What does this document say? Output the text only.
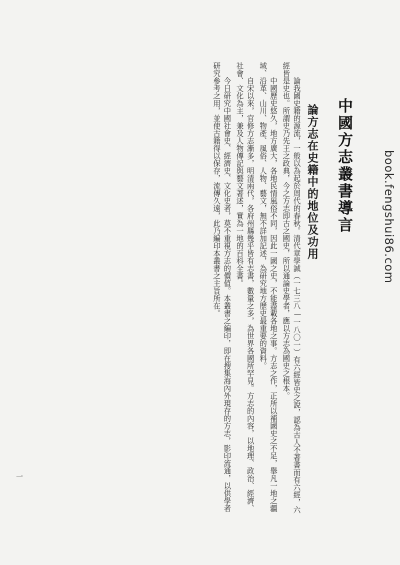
中國方志叢書導言
論方志在史籍中的地位及功用

論我國史籍的源流，一般以為起於周代的春秋。清代章學誠（一七三八—一八〇一）有六經皆史之說，認為古人不著書而有六經，六經皆是史也。所謂史乃先王之政典，今之方志即古之國史，所以通論史學者，應以方志為國史之根本。

中國歷史悠久，地方廣大，各地民情風俗不同，因此一國之史，不能盡載各地之事。方志之作，正所以補國史之不足，舉凡一地之疆域、沿革、山川、物產、風俗、人物、藝文，無不詳加記述，為研究地方歷史最重要的資料。

自宋以來，官修方志漸多，明清兩代，各府州縣幾乎皆有志書，數量之多，為世界各國所罕見。方志的內容，以地理、政治、經濟、社會、文化為主，兼及人物傳記與藝文著述，實為一地的百科全書。

今日研究中國社會史、經濟史、文化史者，莫不重視方志的價值。本叢書之編印，即在搜集海內外現存的方志，影印流通，以供學者研究參考之用，並使古籍得以保存，流傳久遠，此乃編印本叢書之主旨所在。	book.fengshui86.com
一
